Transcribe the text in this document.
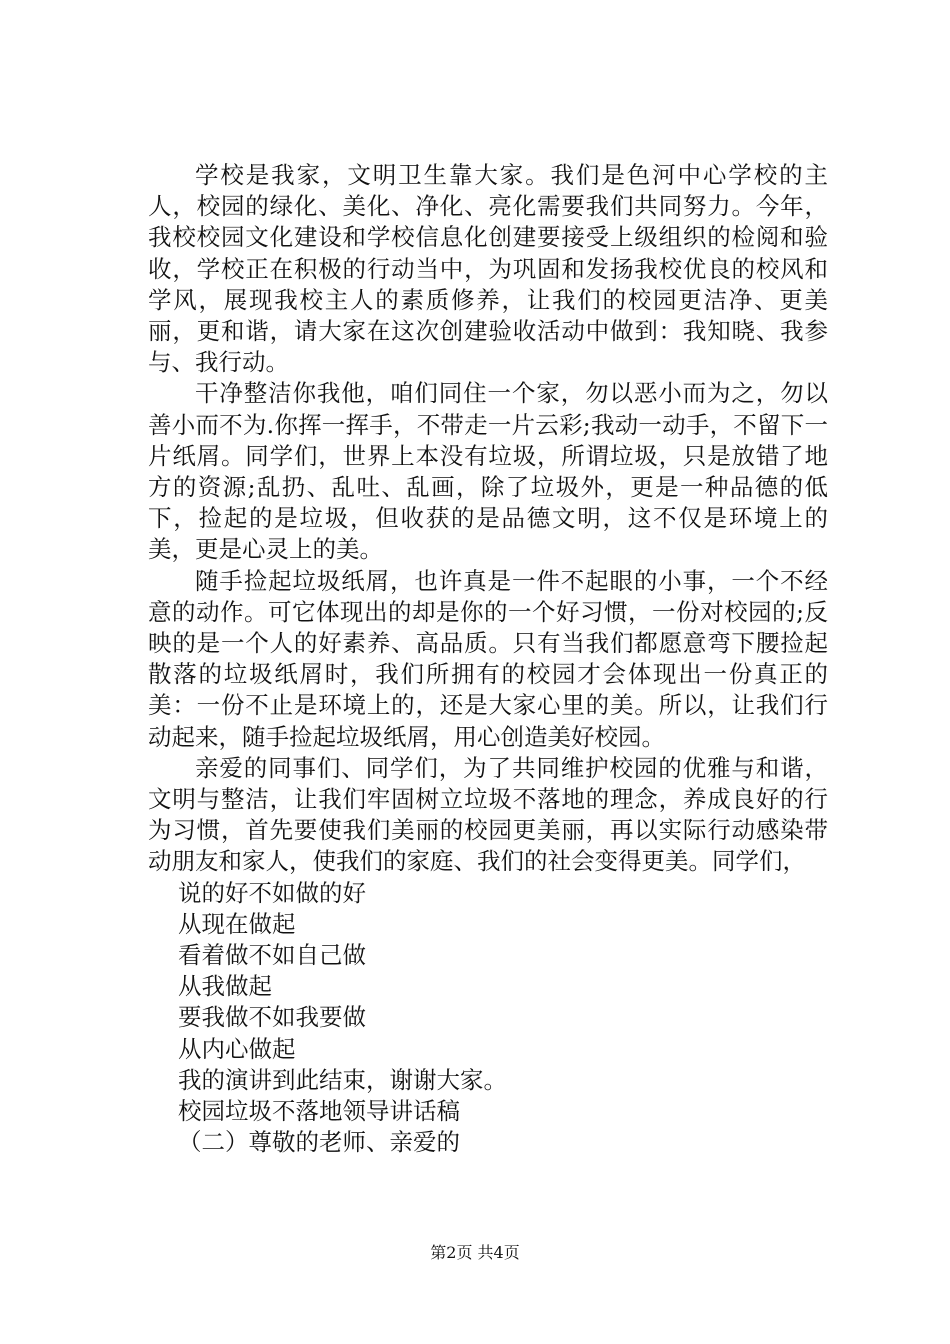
学校是我家，文明卫生靠大家。我们是色河中心学校的主人，校园的绿化、美化、净化、亮化需要我们共同努力。今年，我校校园文化建设和学校信息化创建要接受上级组织的检阅和验收，学校正在积极的行动当中，为巩固和发扬我校优良的校风和学风，展现我校主人的素质修养，让我们的校园更洁净、更美丽，更和谐，请大家在这次创建验收活动中做到：我知晓、我参与、我行动。

干净整洁你我他，咱们同住一个家，勿以恶小而为之，勿以善小而不为.你挥一挥手，不带走一片云彩;我动一动手，不留下一片纸屑。同学们，世界上本没有垃圾，所谓垃圾，只是放错了地方的资源;乱扔、乱吐、乱画，除了垃圾外，更是一种品德的低下，捡起的是垃圾，但收获的是品德文明，这不仅是环境上的美，更是心灵上的美。

随手捡起垃圾纸屑，也许真是一件不起眼的小事，一个不经意的动作。可它体现出的却是你的一个好习惯，一份对校园的;反映的是一个人的好素养、高品质。只有当我们都愿意弯下腰捡起散落的垃圾纸屑时，我们所拥有的校园才会体现出一份真正的美：一份不止是环境上的，还是大家心里的美。所以，让我们行动起来，随手捡起垃圾纸屑，用心创造美好校园。

亲爱的同事们、同学们，为了共同维护校园的优雅与和谐，文明与整洁，让我们牢固树立垃圾不落地的理念，养成良好的行为习惯，首先要使我们美丽的校园更美丽，再以实际行动感染带动朋友和家人，使我们的家庭、我们的社会变得更美。同学们，

说的好不如做的好

从现在做起

看着做不如自己做

从我做起

要我做不如我要做

从内心做起

我的演讲到此结束，谢谢大家。

校园垃圾不落地领导讲话稿

（二）尊敬的老师、亲爱的

第2页 共4页
